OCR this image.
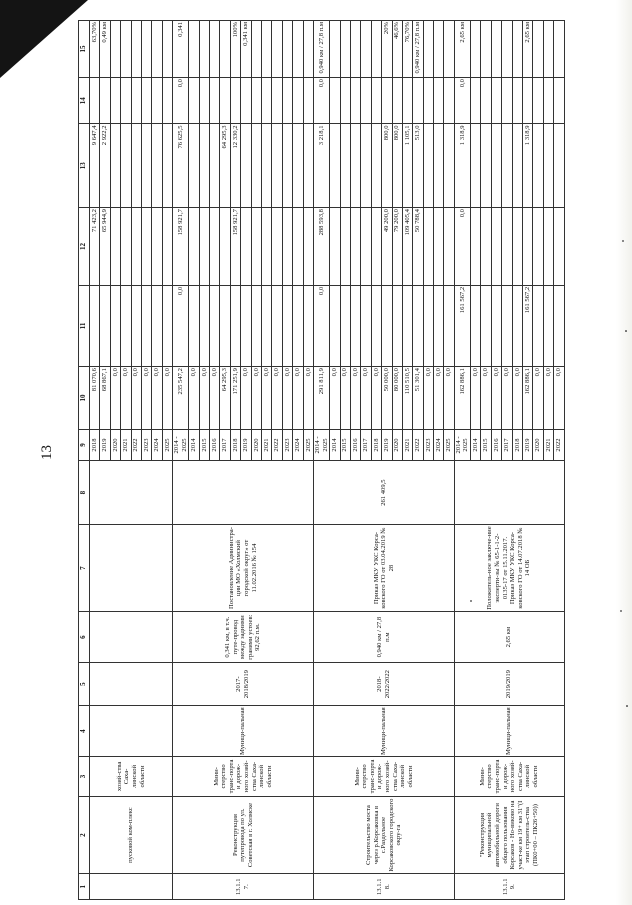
13
1	2	3	4	5	6	7	8	9	10	11	12	13	14	15
	пусковой ком-плекс	хозяй-ства Саха-линской области						2018	81 070,6		71 423,2	9 647,4		63,70%
								2019	68 867,1		65 944,9	2 922,2		0,49 км
								2020	0,0					
								2021	0,0					
								2022	0,0					
								2023	0,0					
								2024	0,0					
								2025	0,0					
13.1.1 7.	Реконструкция путепровода по ул. Советская в г. Холмске	Мини-стерство транс-порта и дорож-ного хозяй-ства Саха-линской области	Муници-пальная	2017-2018/2019	0,341 км, в т.ч. путе-провод между задними гранями устоев: 92,62 п.м.	Постановление Администра-ции МО «Холмский городской округ» от 11.02.2016 № 154		2014 - 2025	235 547,2	0,0	158 921,7	76 625,5	0,0	0,341
								2014	0,0					
								2015	0,0					
								2016	0,0					
								2017	64 295,3			64 295,3		
								2018	171 251,9		158 921,7	12 330,2		100%
								2019	0,0					0,341 км
								2020	0,0					
								2021	0,0					
								2022	0,0					
								2023	0,0					
								2024	0,0					
								2025	0,0					
13.1.1 8.	Строительство моста через р.Корсаковка в с.Раздольное Корсаковского городского окру-га	Мини-стерство транс-порта и дорож-ного хозяй-ства Саха-линской области	Муници-пальная	2018-2022/2022	0,940 км / 27,8 п.м	Приказ МКУ УКС Корса-ковского ГО от 03.04.2019 № 28	261 409,5	2014 - 2025	291 811,9	0,0	288 593,8	3 218,1	0,0	0,940 км / 27,8 п.м
								2014	0,0					
								2015	0,0					
								2016	0,0					
								2017	0,0					
								2018	0,0					
								2019	50 000,0		49 200,0	800,0		20%
								2020	80 000,0		79 200,0	800,0		46,6%
								2021	110 510,5		109 405,4	1 105,1		76,70%
								2022	51 301,4		50 788,4	513,0		0,940 км / 27,8 п.м
								2023	0,0					
								2024	0,0					
								2025	0,0					
13.1.1 9.	"Реконструкция муниципальной автомобильной дороги общего пользования Корсаков - Но-виково на участ-ке км 19+ км 31"(I этап строитель-ства (ПК0+00 – ПК26+50))	Мини-стерство транс-порта и дорож-ного хозяй-ства Саха-линской области	Муници-пальная	2019/2019	2,65 км	Положитель-ное заключе-ние эксперти-зы № 65-1-1-2-0135-17 от 15.11.2017. Приказ МКУ УКС Корса-ковского ГО от 14.07.2018 № 14 ОБ		2014 - 2025	162 886,1	161 567,2	0,0	1 318,9	0,0	2,65 км
								2014	0,0					
								2015	0,0					
								2016	0,0					
								2017	0,0					
								2018	0,0					
								2019	162 886,1	161 567,2		1 318,9		2,65 км
								2020	0,0					
								2021	0,0					
								2022	0,0					
